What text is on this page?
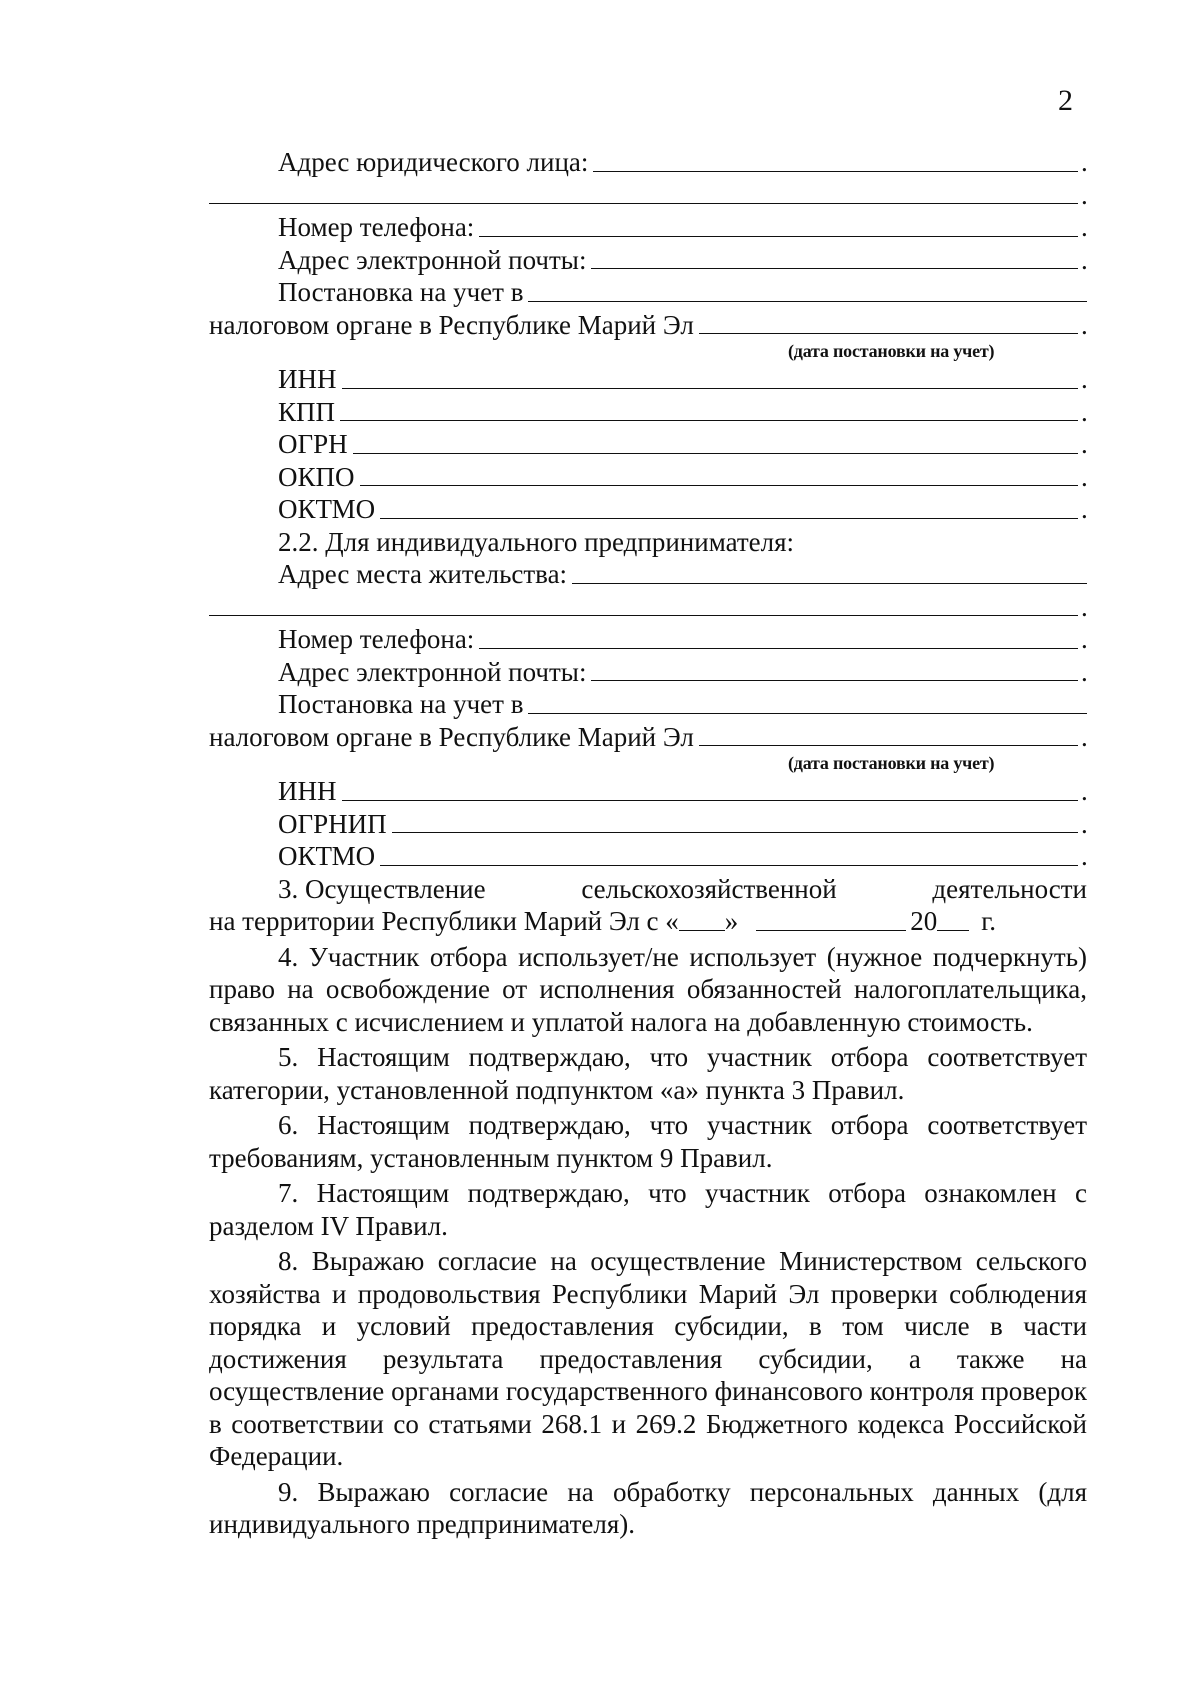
2
Адрес юридического лица:	.
.
Номер телефона:	.
Адрес электронной почты:	.
Постановка на учет в
налоговом органе в Республике Марий Эл	.
(дата постановки на учет)
ИНН	.
КПП	.
ОГРН	.
ОКПО	.
ОКТМО	.
2.2. Для индивидуального предпринимателя:
Адрес места жительства:
.
Номер телефона:	.
Адрес электронной почты:	.
Постановка на учет в
налоговом органе в Республике Марий Эл	.
(дата постановки на учет)
ИНН	.
ОГРНИП	.
ОКТМО	.
3. Осуществление	сельскохозяйственной	деятельности
на территории Республики Марий Эл с « »	20 г.

4. Участник отбора использует/не использует (нужное подчеркнуть) право на освобождение от исполнения обязанностей налогоплательщика, связанных с исчислением и уплатой налога на добавленную стоимость.

5. Настоящим подтверждаю, что участник отбора соответствует категории, установленной подпунктом «а» пункта 3 Правил.

6. Настоящим подтверждаю, что участник отбора соответствует требованиям, установленным пунктом 9 Правил.

7. Настоящим подтверждаю, что участник отбора ознакомлен с разделом IV Правил.

8. Выражаю согласие на осуществление Министерством сельского хозяйства и продовольствия Республики Марий Эл проверки соблюдения порядка и условий предоставления субсидии, в том числе в части достижения результата предоставления субсидии, а также на осуществление органами государственного финансового контроля проверок в соответствии со статьями 268.1 и 269.2 Бюджетного кодекса Российской Федерации.

9. Выражаю согласие на обработку персональных данных (для индивидуального предпринимателя).
